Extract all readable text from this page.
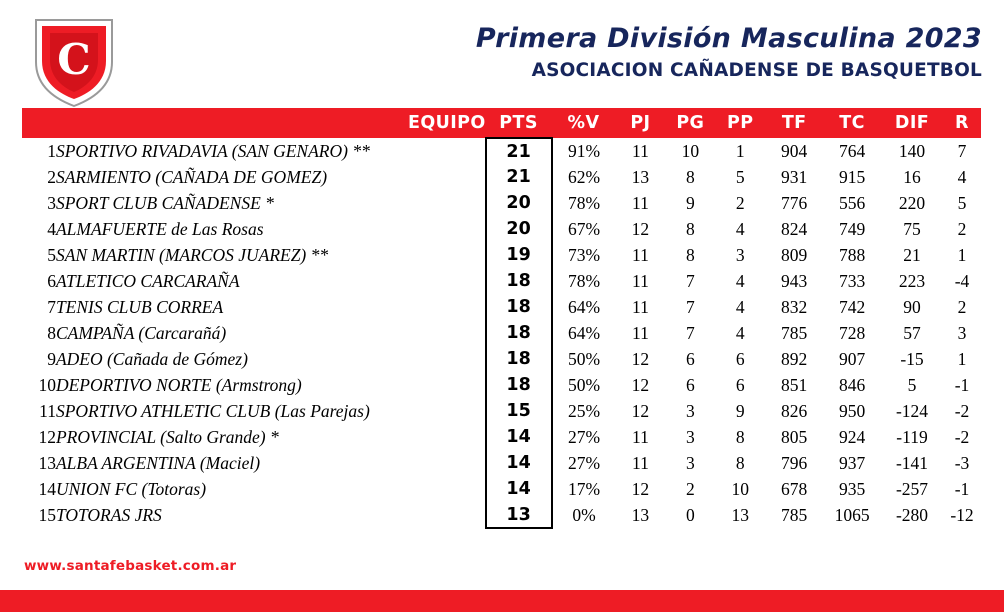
C	Primera División Masculina 2023
ASOCIACION CAÑADENSE DE BASQUETBOL
	EQUIPO	PTS	%V	PJ	PG	PP	TF	TC	DIF	R
1	SPORTIVO RIVADAVIA (SAN GENARO) **	21	91%	11	10	1	904	764	140	7
2	SARMIENTO (CAÑADA DE GOMEZ)	21	62%	13	8	5	931	915	16	4
3	SPORT CLUB CAÑADENSE *	20	78%	11	9	2	776	556	220	5
4	ALMAFUERTE de Las Rosas	20	67%	12	8	4	824	749	75	2
5	SAN MARTIN (MARCOS JUAREZ) **	19	73%	11	8	3	809	788	21	1
6	ATLETICO CARCARAÑA	18	78%	11	7	4	943	733	223	-4
7	TENIS CLUB CORREA	18	64%	11	7	4	832	742	90	2
8	CAMPAÑA (Carcarañá)	18	64%	11	7	4	785	728	57	3
9	ADEO (Cañada de Gómez)	18	50%	12	6	6	892	907	-15	1
10	DEPORTIVO NORTE (Armstrong)	18	50%	12	6	6	851	846	5	-1
11	SPORTIVO ATHLETIC CLUB (Las Parejas)	15	25%	12	3	9	826	950	-124	-2
12	PROVINCIAL (Salto Grande) *	14	27%	11	3	8	805	924	-119	-2
13	ALBA ARGENTINA (Maciel)	14	27%	11	3	8	796	937	-141	-3
14	UNION FC (Totoras)	14	17%	12	2	10	678	935	-257	-1
15	TOTORAS JRS	13	0%	13	0	13	785	1065	-280	-12
www.santafebasket.com.ar
